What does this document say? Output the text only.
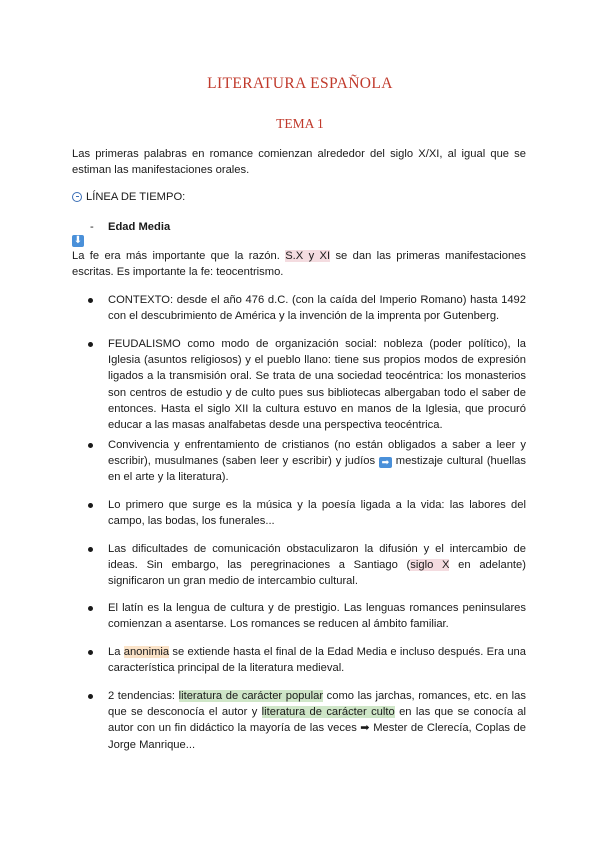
LITERATURA ESPAÑOLA
TEMA 1
Las primeras palabras en romance comienzan alrededor del siglo X/XI, al igual que se estiman las manifestaciones orales.
LÍNEA DE TIEMPO:
-	Edad Media
⬇
La fe era más importante que la razón. S.X y XI se dan las primeras manifestaciones escritas. Es importante la fe: teocentrismo.
CONTEXTO: desde el año 476 d.C. (con la caída del Imperio Romano) hasta 1492 con el descubrimiento de América y la invención de la imprenta por Gutenberg.
FEUDALISMO como modo de organización social: nobleza (poder político), la Iglesia (asuntos religiosos) y el pueblo llano: tiene sus propios modos de expresión ligados a la transmisión oral. Se trata de una sociedad teocéntrica: los monasterios son centros de estudio y de culto pues sus bibliotecas albergaban todo el saber de entonces. Hasta el siglo XII la cultura estuvo en manos de la Iglesia, que procuró educar a las masas analfabetas desde una perspectiva teocéntrica.
Convivencia y enfrentamiento de cristianos (no están obligados a saber a leer y escribir), musulmanes (saben leer y escribir) y judíos ➡ mestizaje cultural (huellas en el arte y la literatura).
Lo primero que surge es la música y la poesía ligada a la vida: las labores del campo, las bodas, los funerales...
Las dificultades de comunicación obstaculizaron la difusión y el intercambio de ideas. Sin embargo, las peregrinaciones a Santiago (siglo X en adelante) significaron un gran medio de intercambio cultural.
El latín es la lengua de cultura y de prestigio. Las lenguas romances peninsulares comienzan a asentarse. Los romances se reducen al ámbito familiar.
La anonimia se extiende hasta el final de la Edad Media e incluso después. Era una característica principal de la literatura medieval.
2 tendencias: literatura de carácter popular como las jarchas, romances, etc. en las que se desconocía el autor y literatura de carácter culto en las que se conocía al autor con un fin didáctico la mayoría de las veces ➡ Mester de Clerecía, Coplas de Jorge Manrique...
